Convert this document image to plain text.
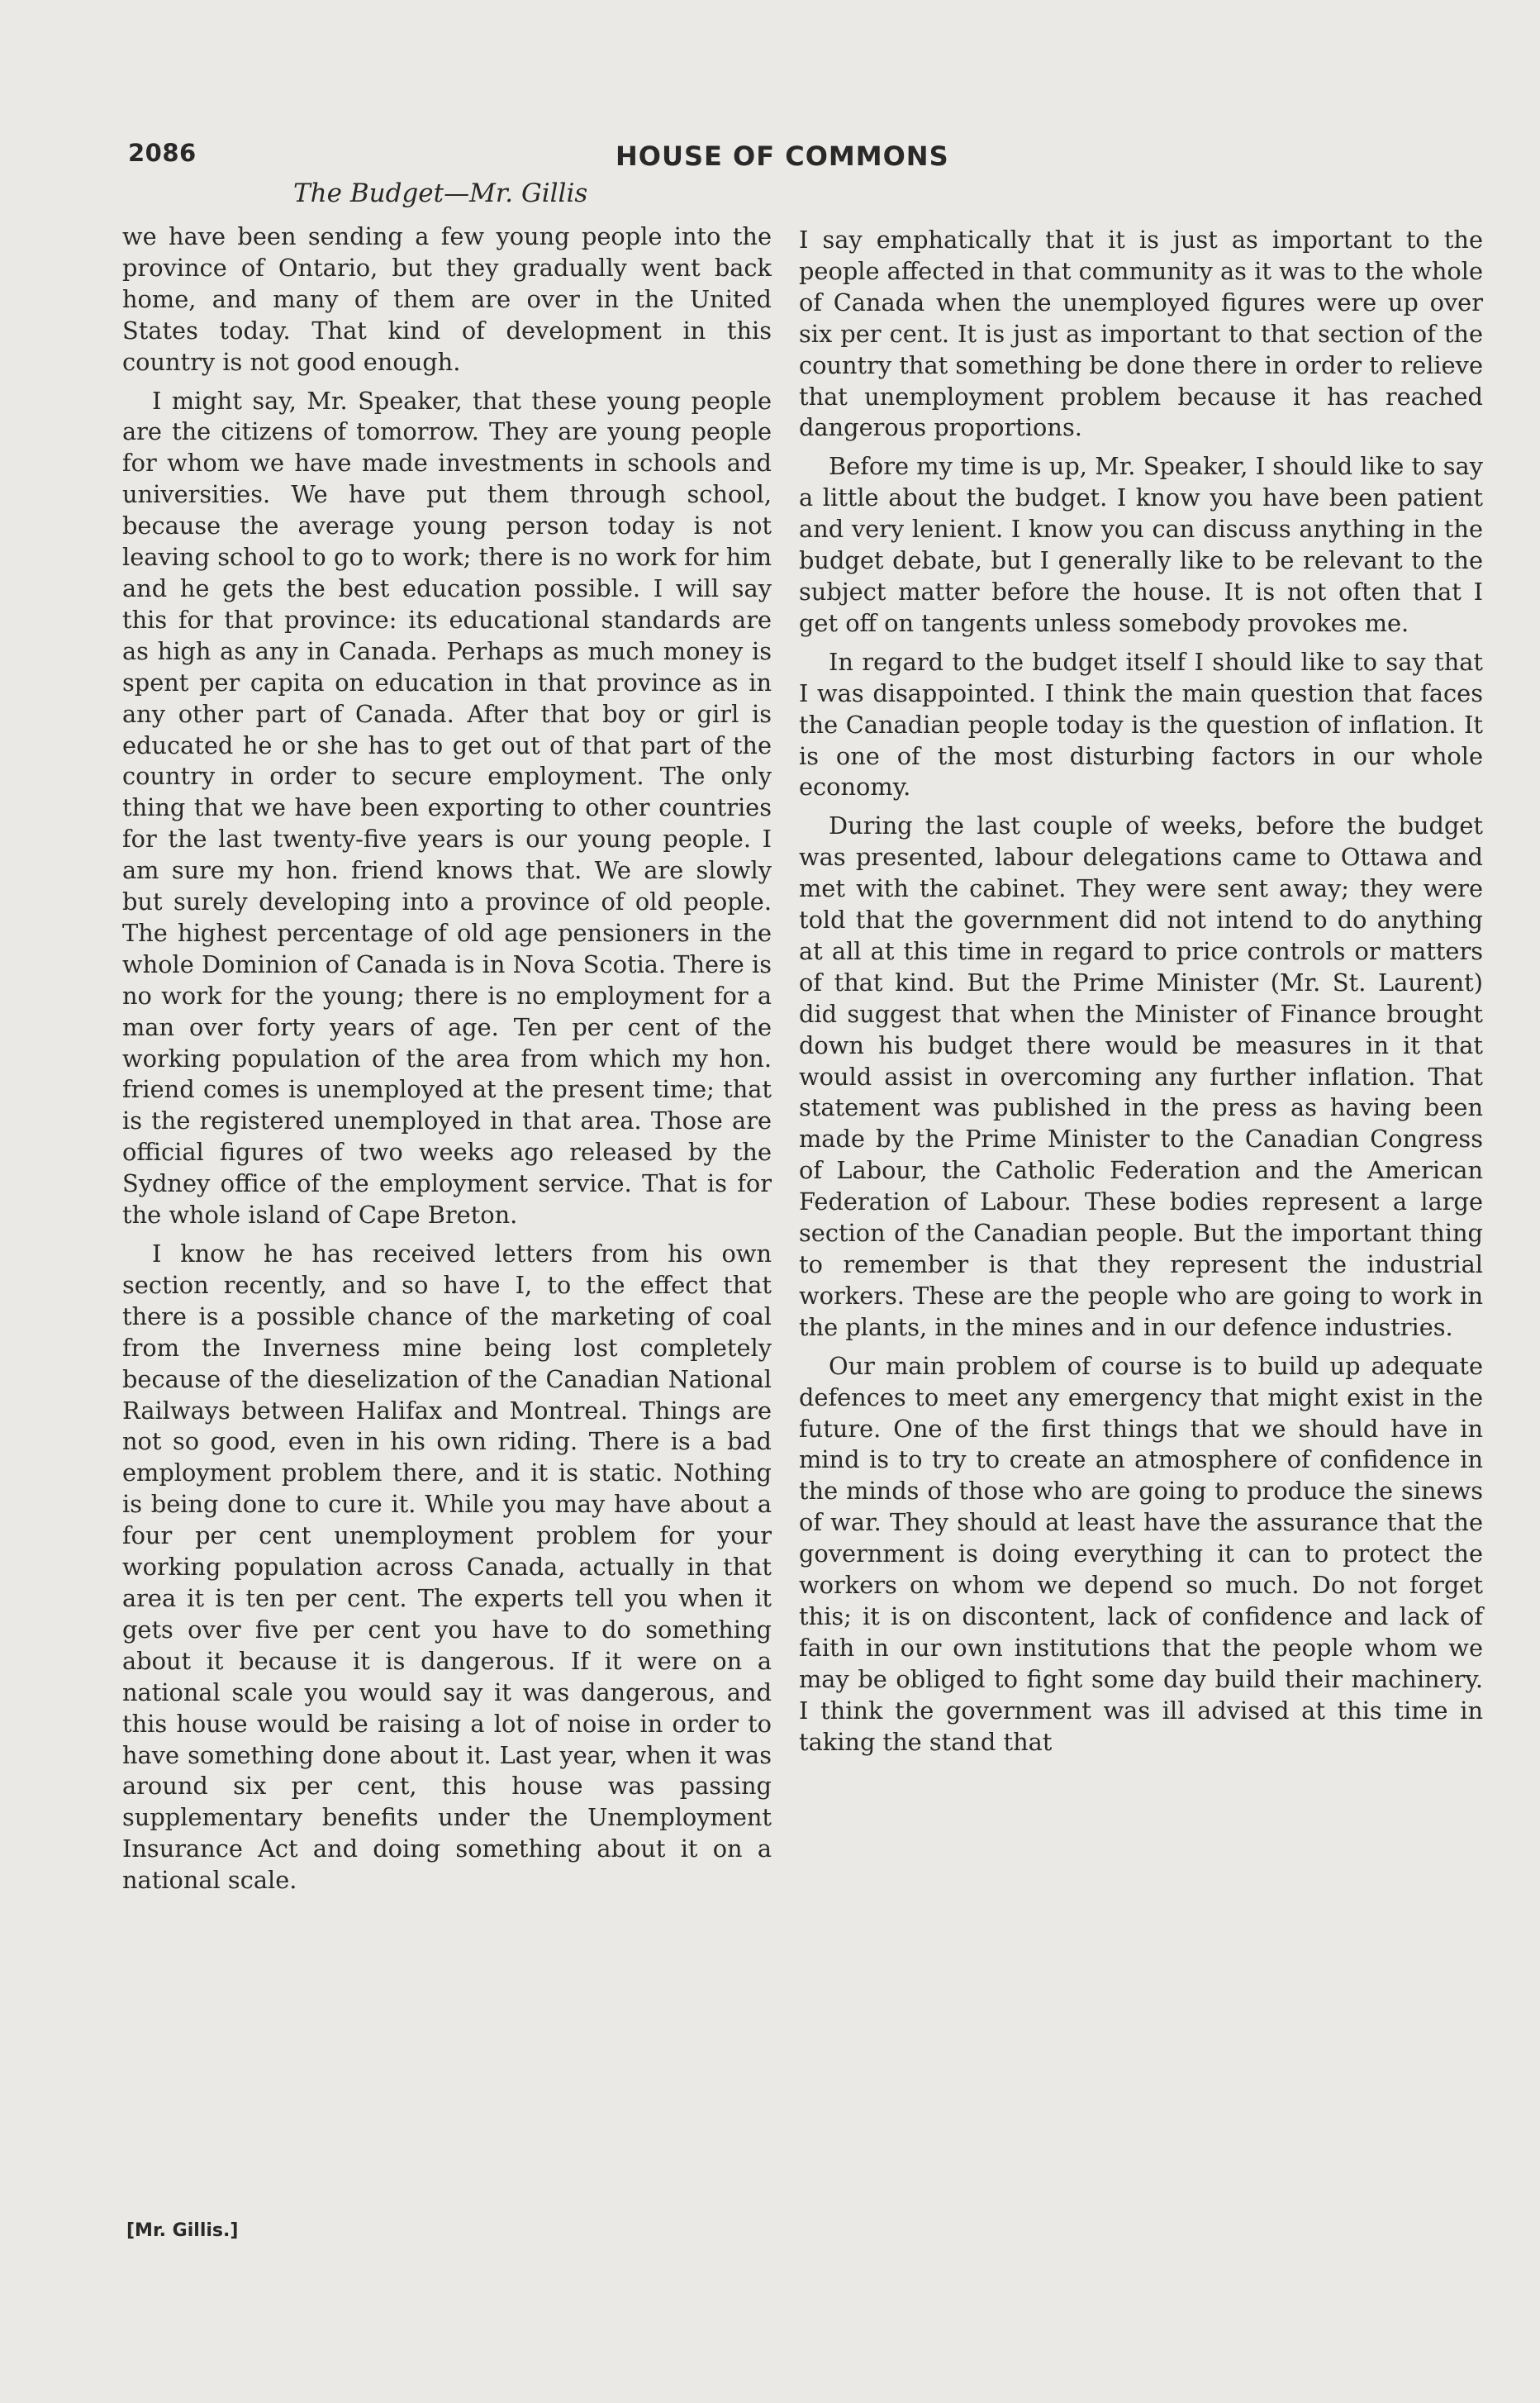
2086	HOUSE OF COMMONS
The Budget—Mr. Gillis

we have been sending a few young people into the province of Ontario, but they gradually went back home, and many of them are over in the United States today. That kind of development in this country is not good enough.

I might say, Mr. Speaker, that these young people are the citizens of tomorrow. They are young people for whom we have made investments in schools and universities. We have put them through school, because the average young person today is not leaving school to go to work; there is no work for him and he gets the best education possible. I will say this for that province: its educational standards are as high as any in Canada. Perhaps as much money is spent per capita on education in that province as in any other part of Canada. After that boy or girl is educated he or she has to get out of that part of the country in order to secure employment. The only thing that we have been exporting to other countries for the last twenty-five years is our young people. I am sure my hon. friend knows that. We are slowly but surely developing into a province of old people. The highest percentage of old age pensioners in the whole Dominion of Canada is in Nova Scotia. There is no work for the young; there is no employment for a man over forty years of age. Ten per cent of the working population of the area from which my hon. friend comes is unemployed at the present time; that is the registered unemployed in that area. Those are official figures of two weeks ago released by the Sydney office of the employment service. That is for the whole island of Cape Breton.

I know he has received letters from his own section recently, and so have I, to the effect that there is a possible chance of the marketing of coal from the Inverness mine being lost completely because of the dieselization of the Canadian National Railways between Halifax and Montreal. Things are not so good, even in his own riding. There is a bad employment problem there, and it is static. Nothing is being done to cure it. While you may have about a four per cent unemployment problem for your working population across Canada, actually in that area it is ten per cent. The experts tell you when it gets over five per cent you have to do something about it because it is dangerous. If it were on a national scale you would say it was dangerous, and this house would be raising a lot of noise in order to have something done about it. Last year, when it was around six per cent, this house was passing supplementary benefits under the Unemployment Insurance Act and doing something about it on a national scale.

I say emphatically that it is just as important to the people affected in that community as it was to the whole of Canada when the unemployed figures were up over six per cent. It is just as important to that section of the country that something be done there in order to relieve that unemployment problem because it has reached dangerous proportions.

Before my time is up, Mr. Speaker, I should like to say a little about the budget. I know you have been patient and very lenient. I know you can discuss anything in the budget debate, but I generally like to be relevant to the subject matter before the house. It is not often that I get off on tangents unless somebody provokes me.

In regard to the budget itself I should like to say that I was disappointed. I think the main question that faces the Canadian people today is the question of inflation. It is one of the most disturbing factors in our whole economy.

During the last couple of weeks, before the budget was presented, labour delegations came to Ottawa and met with the cabinet. They were sent away; they were told that the government did not intend to do anything at all at this time in regard to price controls or matters of that kind. But the Prime Minister (Mr. St. Laurent) did suggest that when the Minister of Finance brought down his budget there would be measures in it that would assist in overcoming any further inflation. That statement was published in the press as having been made by the Prime Minister to the Canadian Congress of Labour, the Catholic Federation and the American Federation of Labour. These bodies represent a large section of the Canadian people. But the important thing to remember is that they represent the industrial workers. These are the people who are going to work in the plants, in the mines and in our defence industries.

Our main problem of course is to build up adequate defences to meet any emergency that might exist in the future. One of the first things that we should have in mind is to try to create an atmosphere of confidence in the minds of those who are going to produce the sinews of war. They should at least have the assurance that the government is doing everything it can to protect the workers on whom we depend so much. Do not forget this; it is on discontent, lack of confidence and lack of faith in our own institutions that the people whom we may be obliged to fight some day build their machinery. I think the government was ill advised at this time in taking the stand that

[Mr. Gillis.]
